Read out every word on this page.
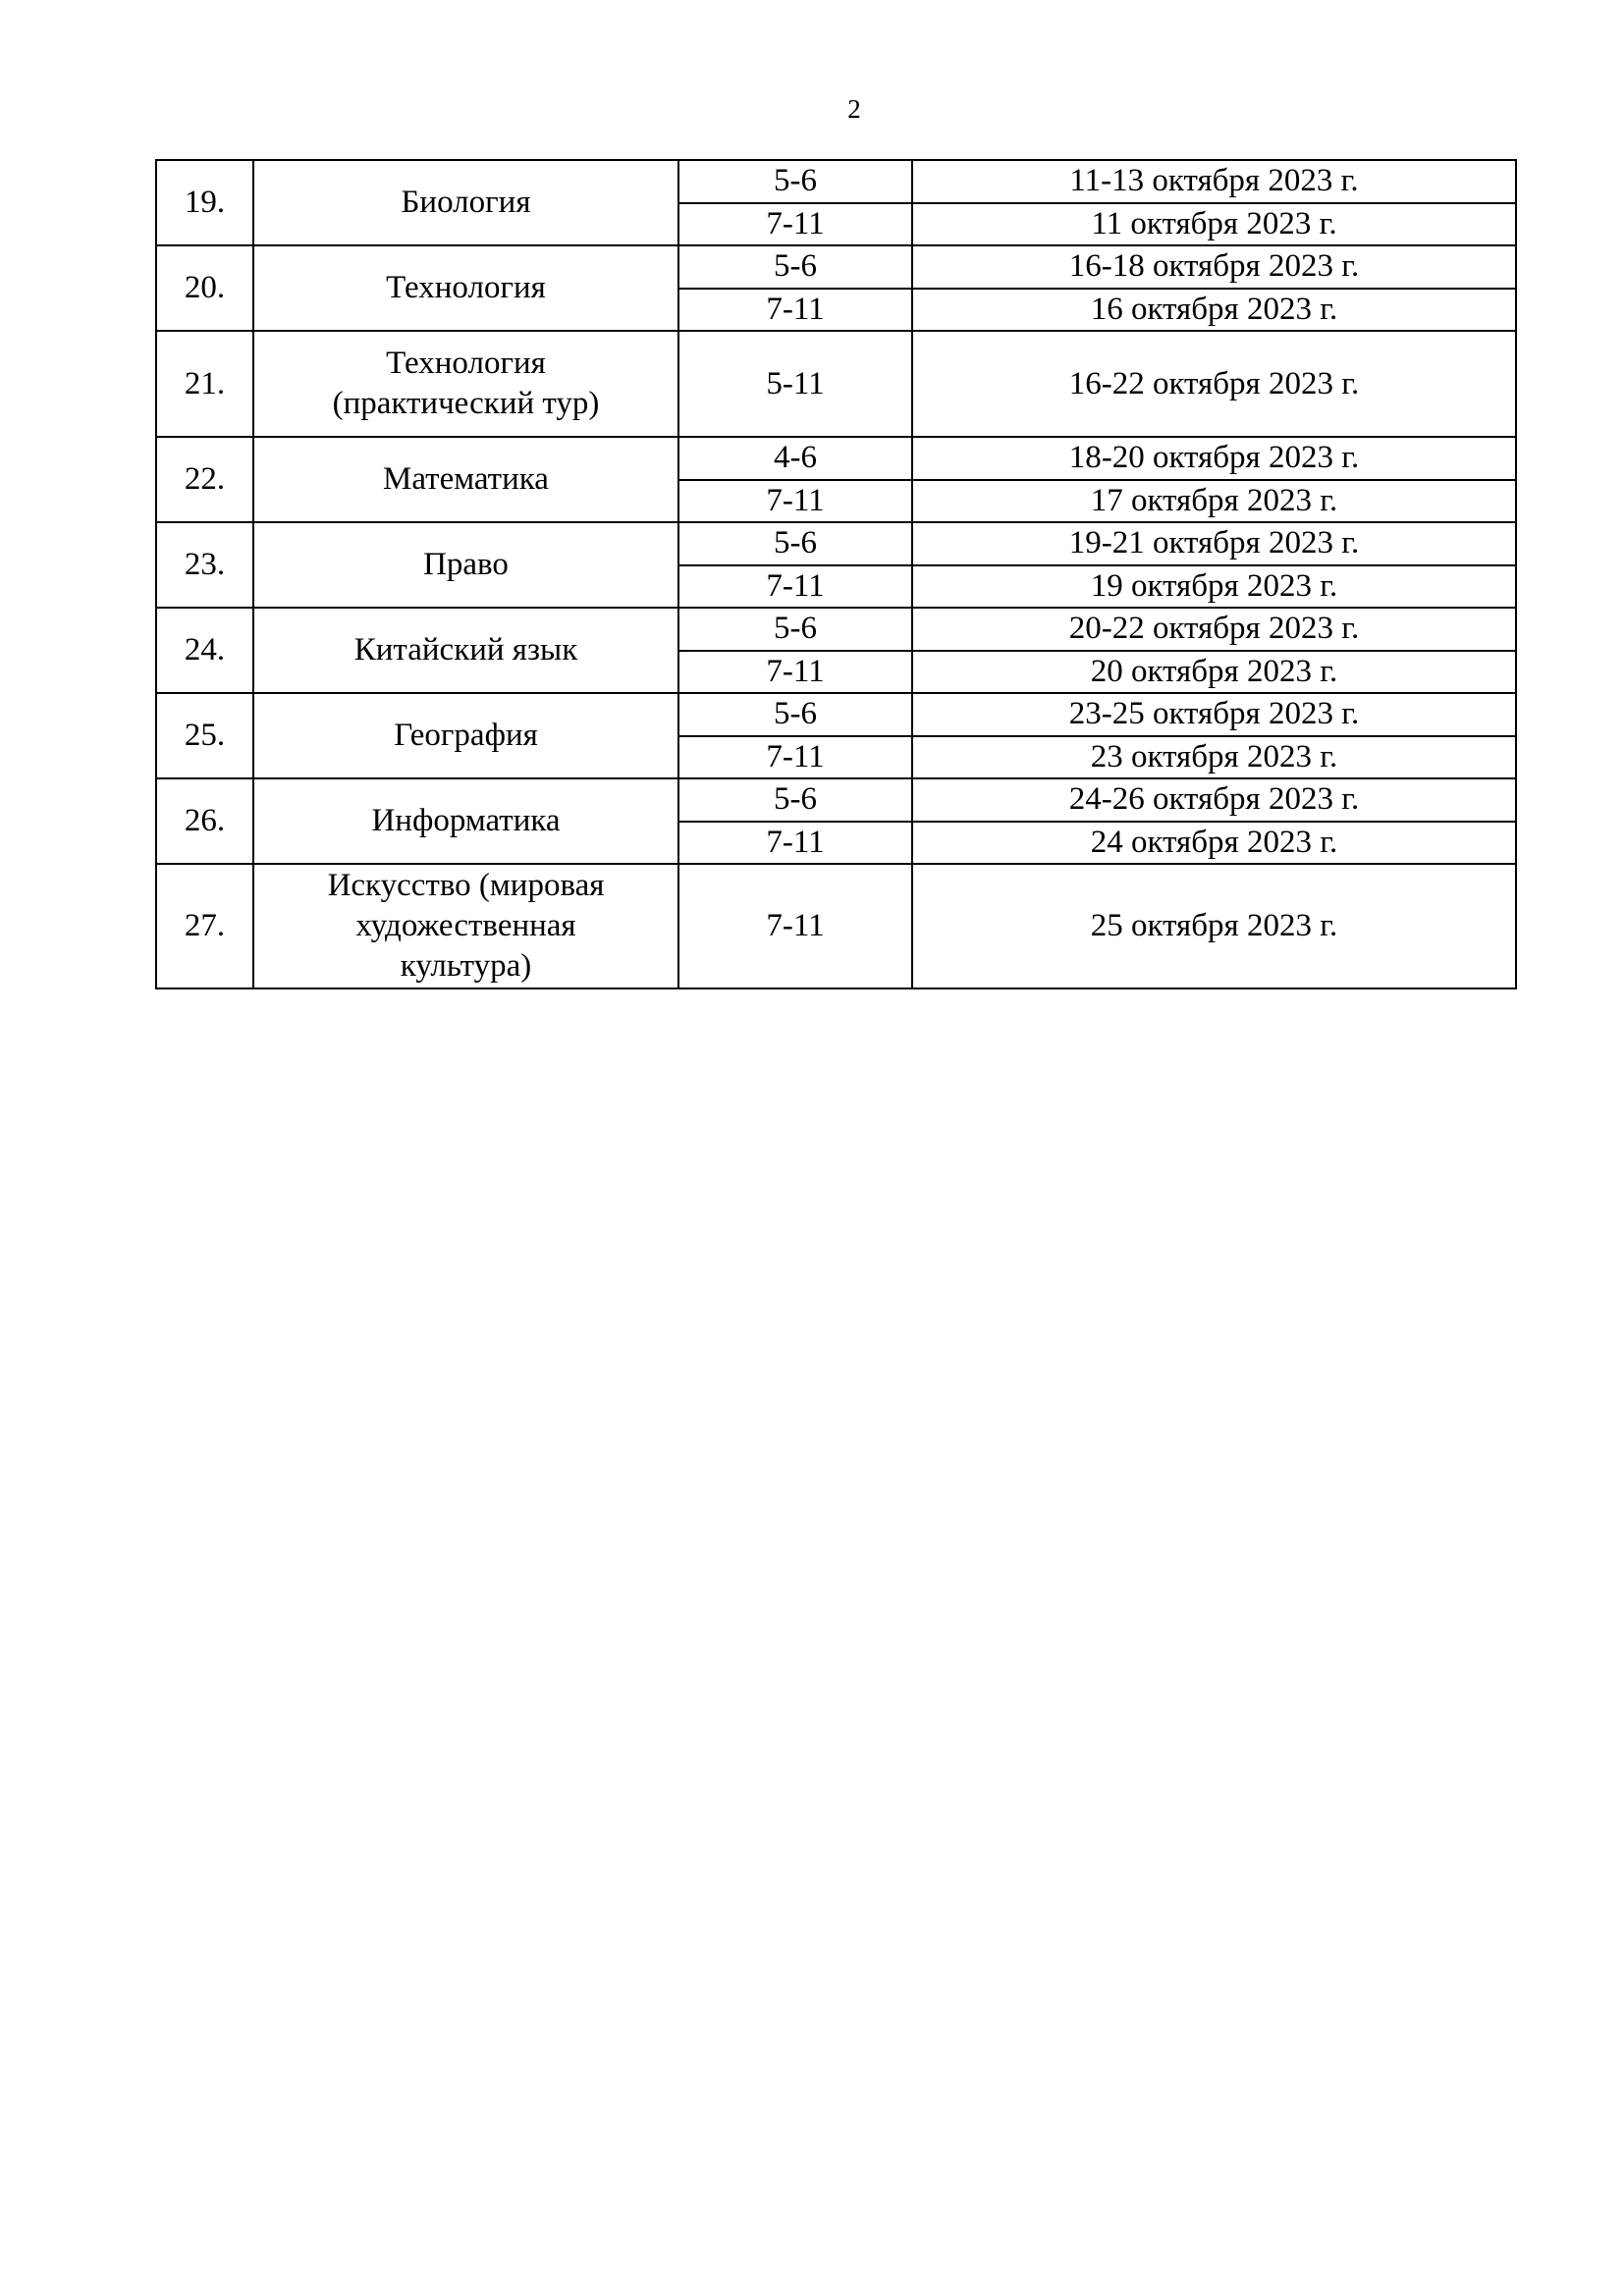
2
19.	Биология	5-6	11-13 октября 2023 г.
		7-11	11 октября 2023 г.
20.	Технология	5-6	16-18 октября 2023 г.
		7-11	16 октября 2023 г.
21.	Технология
(практический тур)	5-11	16-22 октября 2023 г.
22.	Математика	4-6	18-20 октября 2023 г.
		7-11	17 октября 2023 г.
23.	Право	5-6	19-21 октября 2023 г.
		7-11	19 октября 2023 г.
24.	Китайский язык	5-6	20-22 октября 2023 г.
		7-11	20 октября 2023 г.
25.	География	5-6	23-25 октября 2023 г.
		7-11	23 октября 2023 г.
26.	Информатика	5-6	24-26 октября 2023 г.
		7-11	24 октября 2023 г.
27.	Искусство (мировая
художественная
культура)	7-11	25 октября 2023 г.
